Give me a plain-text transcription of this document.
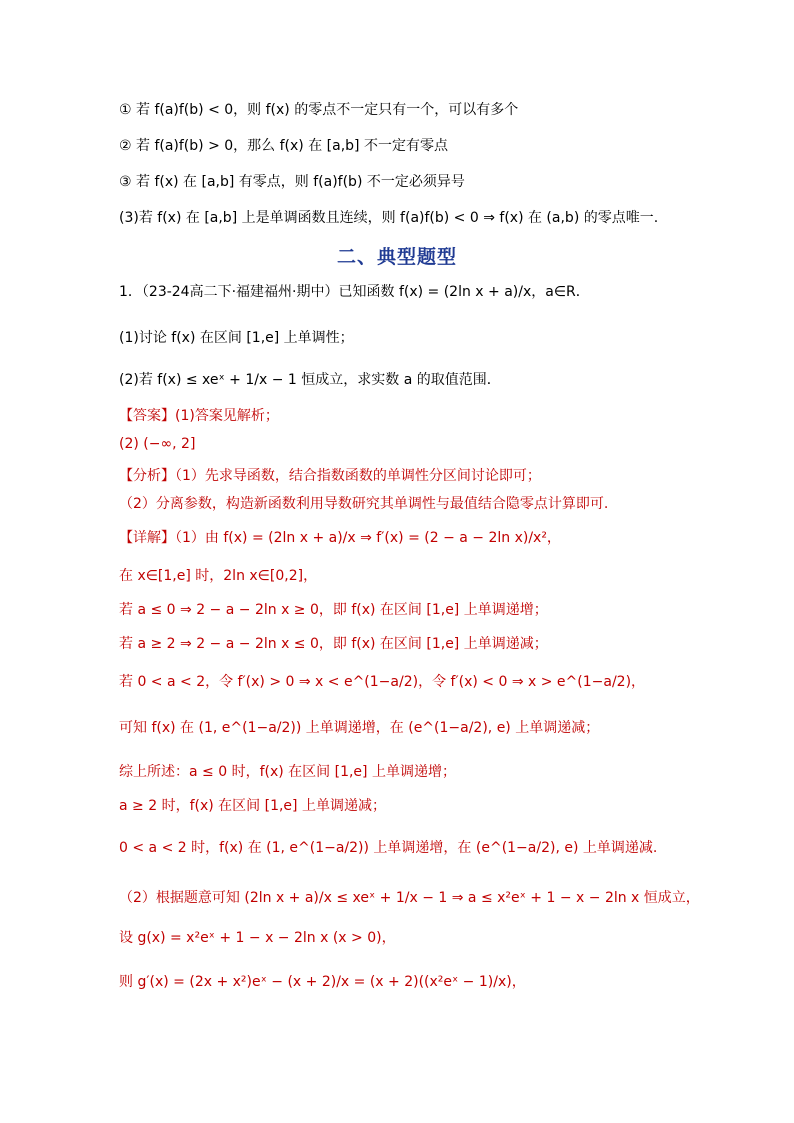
二、典型题型
① 若 f(a)f(b) < 0，则 f(x) 的零点不一定只有一个，可以有多个
② 若 f(a)f(b) > 0，那么 f(x) 在 [a,b] 不一定有零点
③ 若 f(x) 在 [a,b] 有零点，则 f(a)f(b) 不一定必须异号
(3)若 f(x) 在 [a,b] 上是单调函数且连续，则 f(a)f(b) < 0 ⇒ f(x) 在 (a,b) 的零点唯一.
1．（23-24高二下·福建福州·期中）已知函数 f(x) = (2ln x + a)/x，a∈R．
(1)讨论 f(x) 在区间 [1,e] 上单调性；
(2)若 f(x) ≤ xeˣ + 1/x − 1 恒成立，求实数 a 的取值范围．
【答案】(1)答案见解析；
(2) (−∞, 2]
【分析】（1）先求导函数，结合指数函数的单调性分区间讨论即可；
（2）分离参数，构造新函数利用导数研究其单调性与最值结合隐零点计算即可.
【详解】（1）由 f(x) = (2ln x + a)/x ⇒ f′(x) = (2 − a − 2ln x)/x²，
在 x∈[1,e] 时，2ln x∈[0,2]，
若 a ≤ 0 ⇒ 2 − a − 2ln x ≥ 0，即 f(x) 在区间 [1,e] 上单调递增；
若 a ≥ 2 ⇒ 2 − a − 2ln x ≤ 0，即 f(x) 在区间 [1,e] 上单调递减；
若 0 < a < 2，令 f′(x) > 0 ⇒ x < e^(1−a/2)，令 f′(x) < 0 ⇒ x > e^(1−a/2)，
可知 f(x) 在 (1, e^(1−a/2)) 上单调递增，在 (e^(1−a/2), e) 上单调递减；
综上所述：a ≤ 0 时，f(x) 在区间 [1,e] 上单调递增；
a ≥ 2 时，f(x) 在区间 [1,e] 上单调递减；
0 < a < 2 时，f(x) 在 (1, e^(1−a/2)) 上单调递增，在 (e^(1−a/2), e) 上单调递减.
（2）根据题意可知 (2ln x + a)/x ≤ xeˣ + 1/x − 1 ⇒ a ≤ x²eˣ + 1 − x − 2ln x 恒成立，
设 g(x) = x²eˣ + 1 − x − 2ln x (x > 0)，
则 g′(x) = (2x + x²)eˣ − (x + 2)/x = (x + 2)((x²eˣ − 1)/x)，
